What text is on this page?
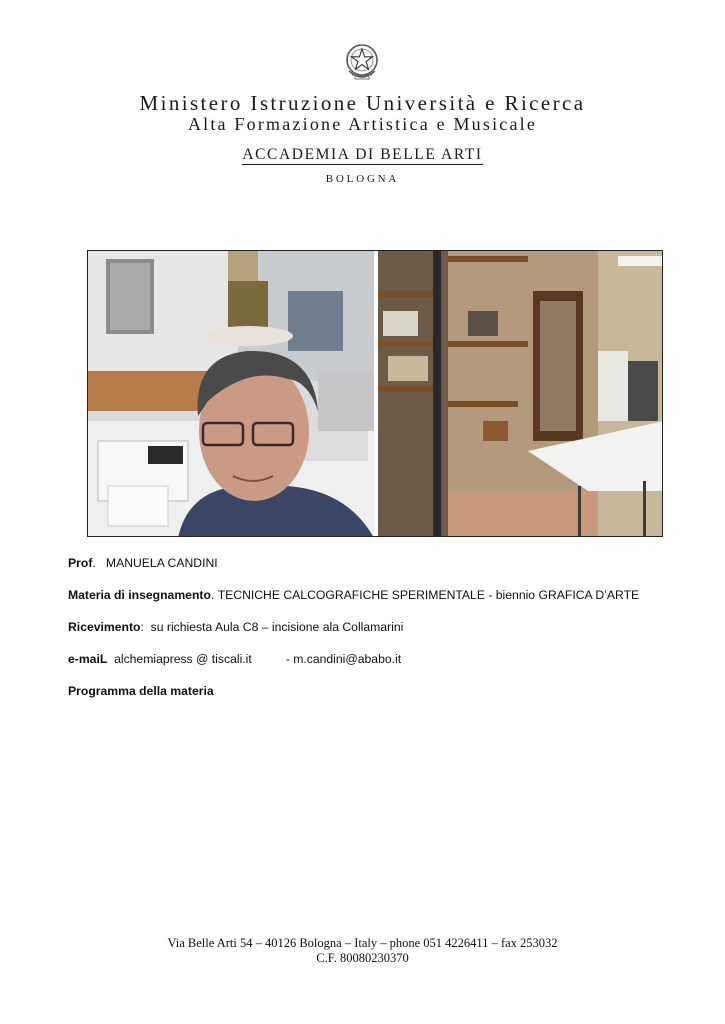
Ministero Istruzione Università e Ricerca
Alta Formazione Artistica e Musicale
ACCADEMIA DI BELLE ARTI
BOLOGNA
Prof.   MANUELA CANDINI
Materia di insegnamento. TECNICHE CALCOGRAFICHE SPERIMENTALE - biennio GRAFICA D’ARTE
Ricevimento:  su richiesta Aula C8 – incisione ala Collamarini
e-maiL alchemiapress @ tiscali.it	- m.candini@ababo.it
Programma della materia
Via Belle Arti 54 – 40126 Bologna – Italy – phone 051 4226411 – fax 253032
C.F. 80080230370
